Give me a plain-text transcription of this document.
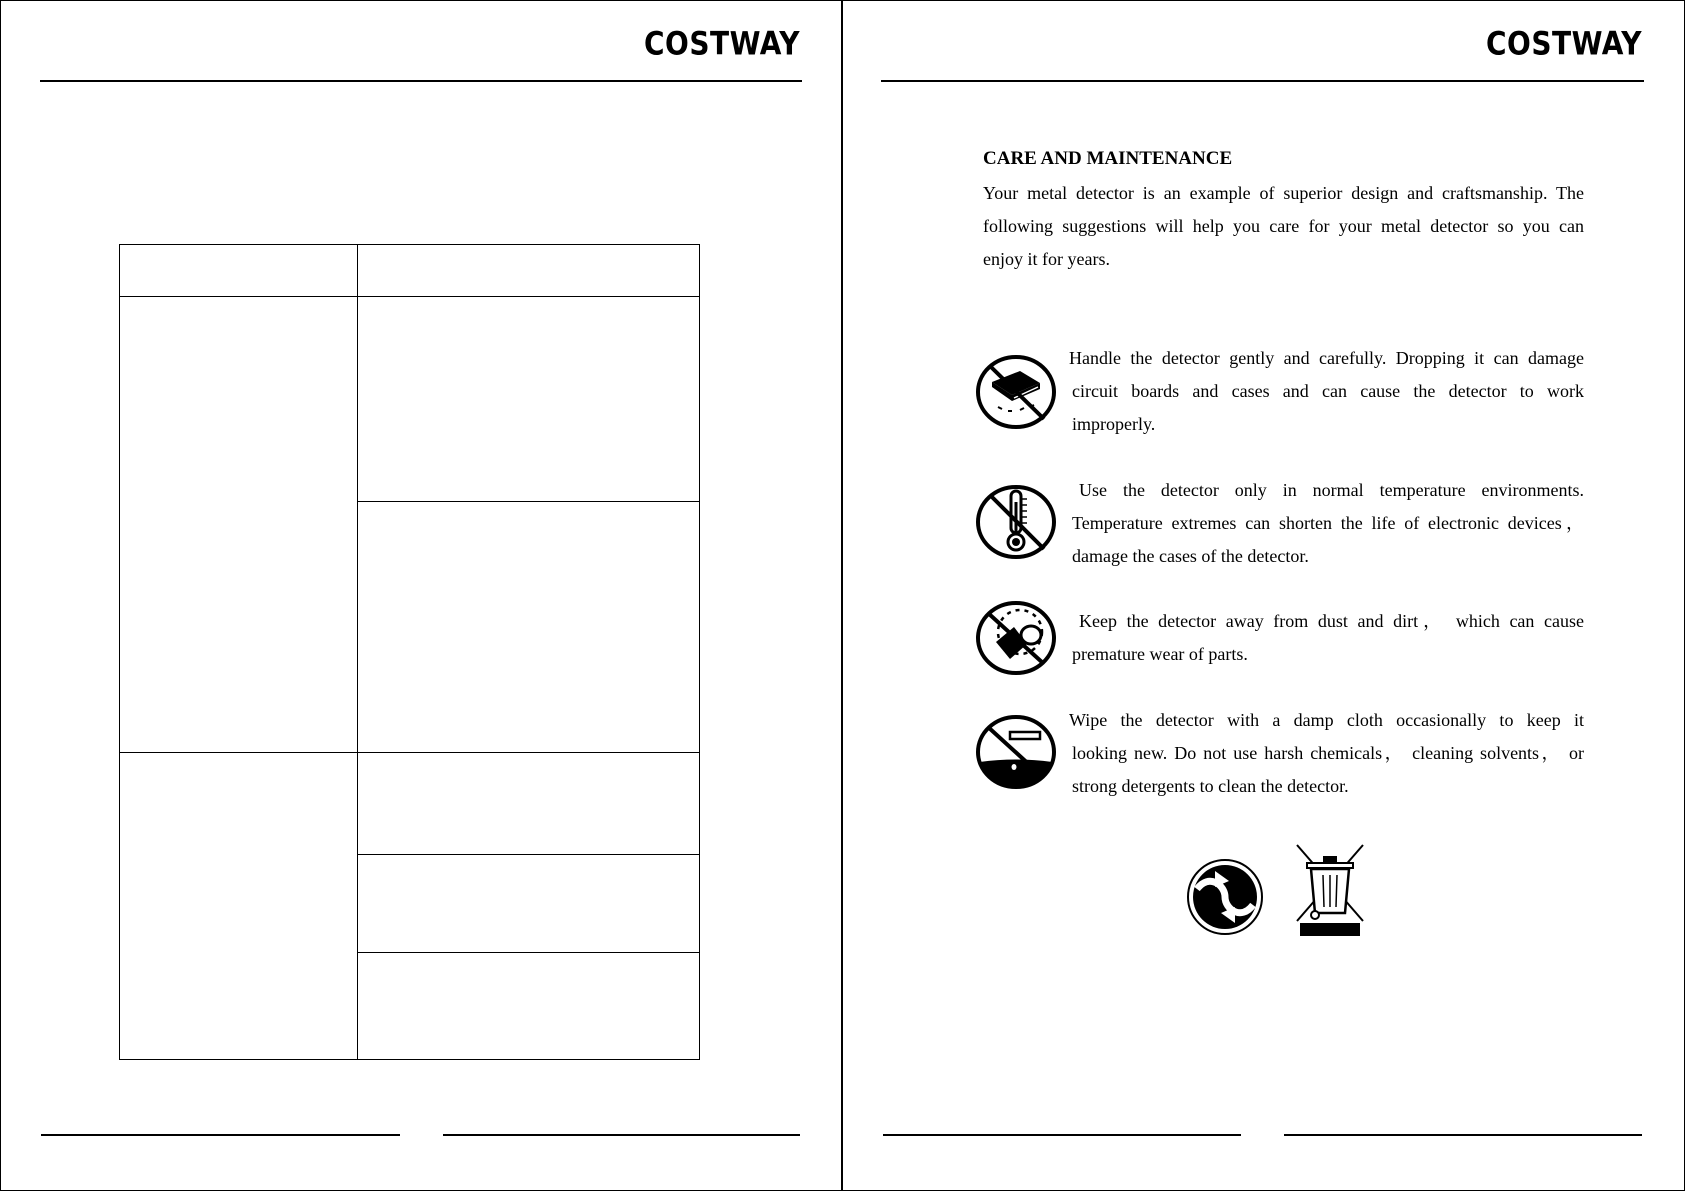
COSTWAY	COSTWAY
CARE AND MAINTENANCE
Your metal detector is an example of superior design and craftsmanship. The
following suggestions will help you care for your metal detector so you can
enjoy it for years.
Handle the detector gently and carefully. Dropping it can damage
circuit boards and cases and can cause the detector to work
improperly.
Use the detector only in normal temperature environments.
Temperature extremes can shorten the life of electronic devices，
damage the cases of the detector.
Keep the detector away from dust and dirt， which can cause
premature wear of parts.
Wipe the detector with a damp cloth occasionally to keep it
looking new. Do not use harsh chemicals， cleaning solvents， or
strong detergents to clean the detector.
